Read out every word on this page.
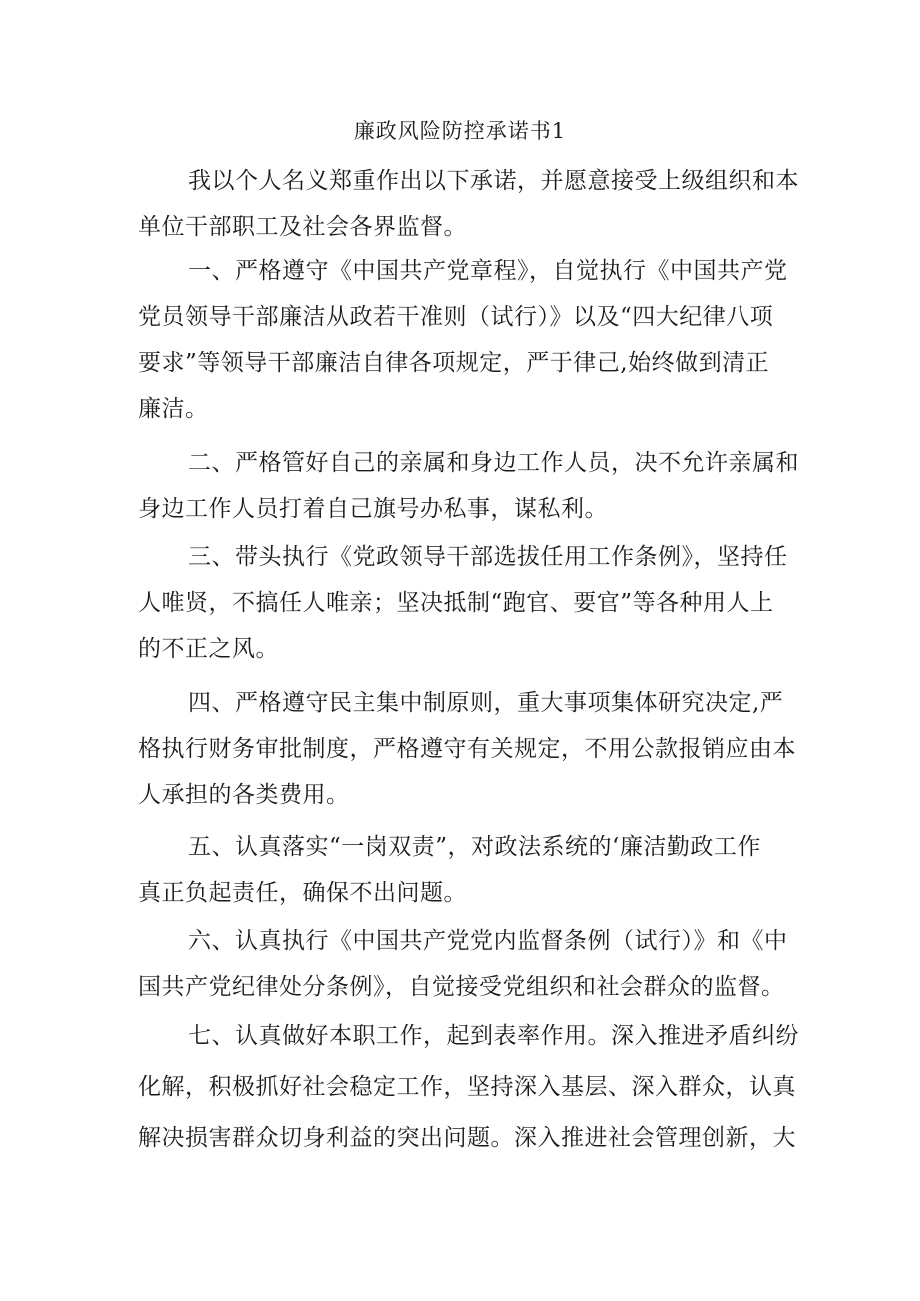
廉政风险防控承诺书1
我以个人名义郑重作出以下承诺，并愿意接受上级组织和本
单位干部职工及社会各界监督。
一、严格遵守《中国共产党章程》，自觉执行《中国共产党
党员领导干部廉洁从政若干准则（试行）》以及“四大纪律八项
要求”等领导干部廉洁自律各项规定，严于律己,始终做到清正
廉洁。
二、严格管好自己的亲属和身边工作人员，决不允许亲属和
身边工作人员打着自己旗号办私事，谋私利。
三、带头执行《党政领导干部选拔任用工作条例》，坚持任
人唯贤，不搞任人唯亲；坚决抵制“跑官、要官”等各种用人上
的不正之风。
四、严格遵守民主集中制原则，重大事项集体研究决定,严
格执行财务审批制度，严格遵守有关规定，不用公款报销应由本
人承担的各类费用。
五、认真落实“一岗双责”，对政法系统的‘廉洁勤政工作
真正负起责任，确保不出问题。
六、认真执行《中国共产党党内监督条例（试行）》和《中
国共产党纪律处分条例》，自觉接受党组织和社会群众的监督。
七、认真做好本职工作，起到表率作用。深入推进矛盾纠纷
化解，积极抓好社会稳定工作，坚持深入基层、深入群众，认真
解决损害群众切身利益的突出问题。深入推进社会管理创新，大
